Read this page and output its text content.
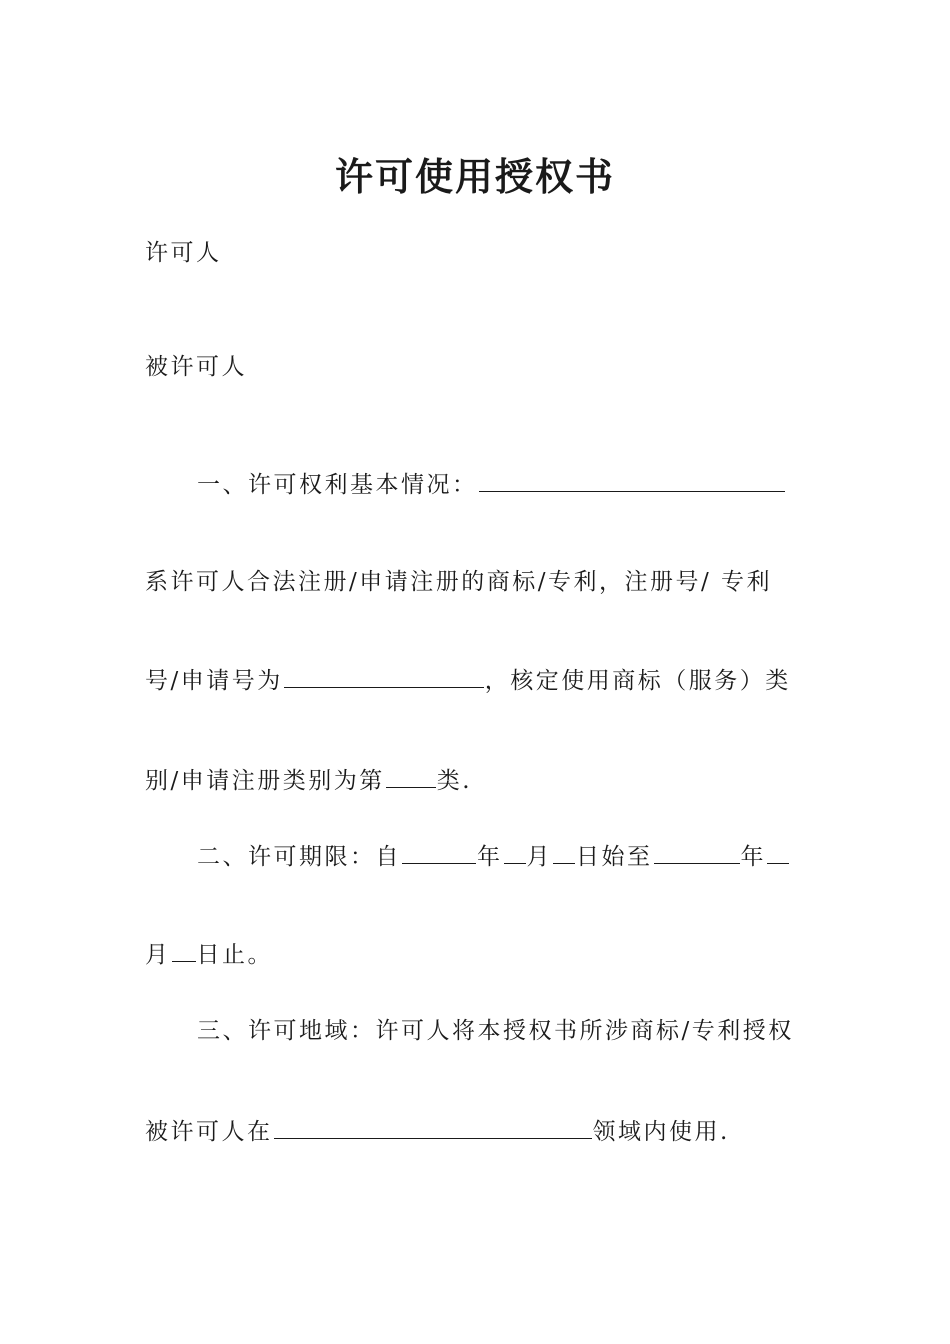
许可使用授权书
许可人
被许可人
一、许可权利基本情况：
系许可人合法注册/申请注册的商标/专利，注册号/ 专利
号/申请号为	，核定使用商标（服务）类
别/申请注册类别为第 类.
二、许可期限：自	年 月 日始至	年
月 日止。
三、许可地域：许可人将本授权书所涉商标/专利授权
被许可人在	领域内使用.
